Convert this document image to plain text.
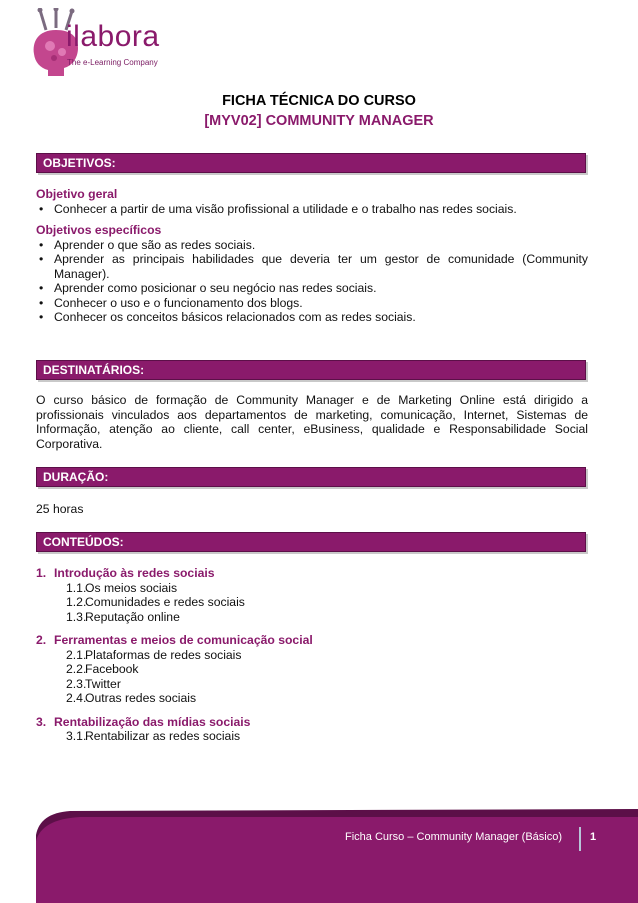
ilabora
The e-Learning Company
FICHA TÉCNICA DO CURSO
[MYV02] COMMUNITY MANAGER
OBJETIVOS:
Objetivo geral
• Conhecer a partir de uma visão profissional a utilidade e o trabalho nas redes sociais.
Objetivos específicos
• Aprender o que são as redes sociais.
• Aprender as principais habilidades que deveria ter um gestor de comunidade (Community Manager).
• Aprender como posicionar o seu negócio nas redes sociais.
• Conhecer o uso e o funcionamento dos blogs.
• Conhecer os conceitos básicos relacionados com as redes sociais.
DESTINATÁRIOS:
O curso básico de formação de Community Manager e de Marketing Online está dirigido a profissionais vinculados aos departamentos de marketing, comunicação, Internet, Sistemas de Informação, atenção ao cliente, call center, eBusiness, qualidade e Responsabilidade Social Corporativa.
DURAÇÃO:
25 horas
CONTEÚDOS:
1. Introdução às redes sociais
1.1.
Os meios sociais
1.2.
Comunidades e redes sociais
1.3.
Reputação online
2. Ferramentas e meios de comunicação social
2.1.
Plataformas de redes sociais
2.2.
Facebook
2.3.
Twitter
2.4.
Outras redes sociais
3. Rentabilização das mídias sociais
3.1.
Rentabilizar as redes sociais
Ficha Curso – Community Manager (Básico)	1
